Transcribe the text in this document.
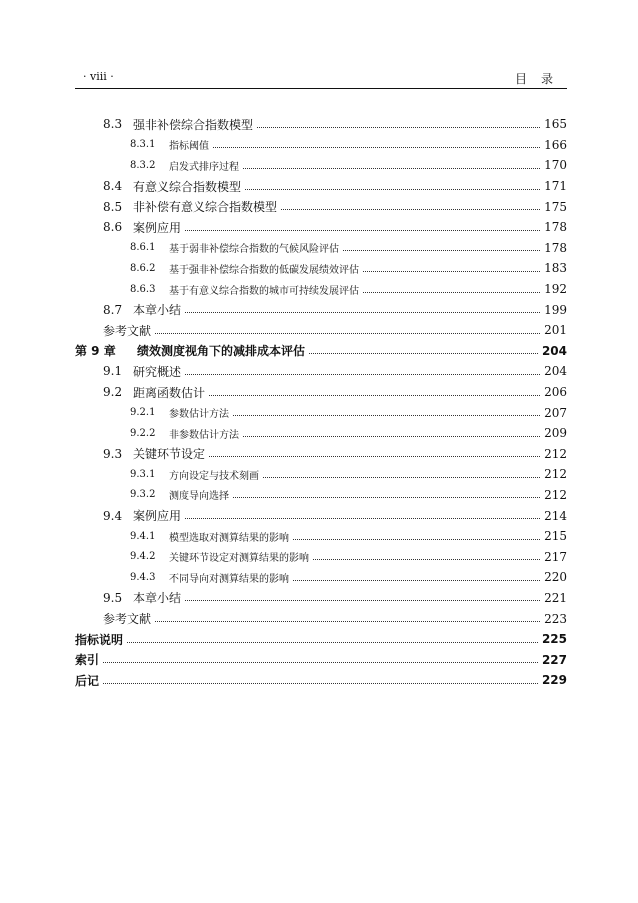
· viii ·	目录
8.3 强非补偿综合指数模型	165
8.3.1	指标阈值	166
8.3.2	启发式排序过程	170
8.4 有意义综合指数模型	171
8.5 非补偿有意义综合指数模型	175
8.6 案例应用	178
8.6.1	基于弱非补偿综合指数的气候风险评估	178
8.6.2	基于强非补偿综合指数的低碳发展绩效评估	183
8.6.3	基于有意义综合指数的城市可持续发展评估	192
8.7 本章小结	199
参考文献	201
第 9 章	绩效测度视角下的减排成本评估	204
9.1 研究概述	204
9.2 距离函数估计	206
9.2.1	参数估计方法	207
9.2.2	非参数估计方法	209
9.3 关键环节设定	212
9.3.1	方向设定与技术刻画	212
9.3.2	测度导向选择	212
9.4 案例应用	214
9.4.1	模型选取对测算结果的影响	215
9.4.2	关键环节设定对测算结果的影响	217
9.4.3	不同导向对测算结果的影响	220
9.5 本章小结	221
参考文献	223
指标说明	225
索引	227
后记	229
